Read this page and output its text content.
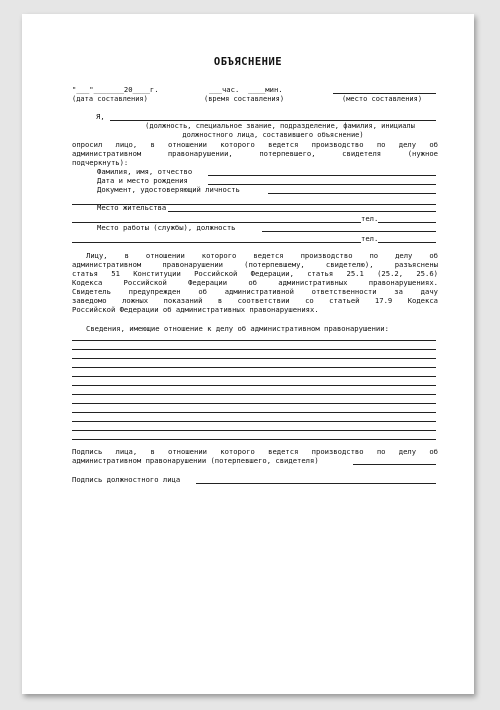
ОБЪЯСНЕНИЕ
"___"_______20____г.	___час. ____мин.
(дата составления)	(время составления)	(место составления)
Я,
(должность, специальное звание, подразделение, фамилия, инициалы
должностного лица, составившего объяснение)
опросил лицо, в отношении которого ведется производство по делу об
административном правонарушении, потерпевшего, свидетеля (нужное
подчеркнуть):
Фамилия, имя, отчество
Дата и место рождения
Документ, удостоверяющий личность
Место жительства
тел.
Место работы (службы), должность
тел.
Лицу, в отношении которого ведется производство по делу об
административном правонарушении (потерпевшему, свидетелю), разъяснены
статья 51 Конституции Российской Федерации, статья 25.1 (25.2, 25.6)
Кодекса Российской Федерации об административных правонарушениях.
Свидетель предупрежден об административной ответственности за дачу
заведомо ложных показаний в соответствии со статьей 17.9 Кодекса
Российской Федерации об административных правонарушениях.
Сведения, имеющие отношение к делу об административном правонарушении:
Подпись лица, в отношении которого ведется производство по делу об
административном правонарушении (потерпевшего, свидетеля)
Подпись должностного лица
